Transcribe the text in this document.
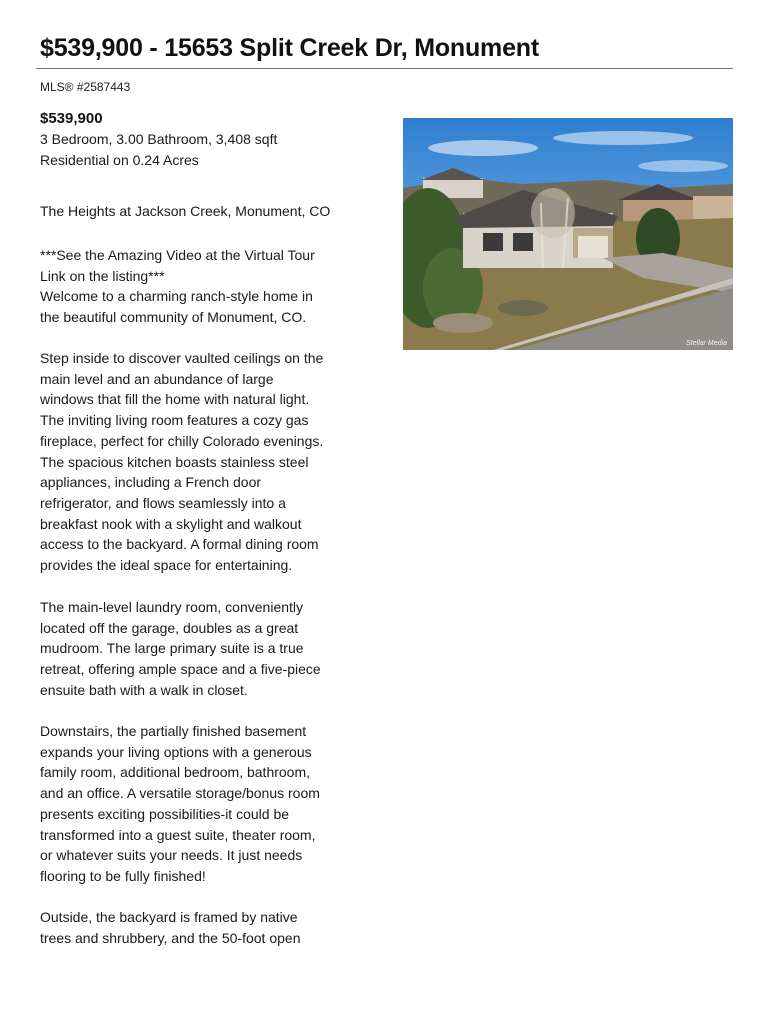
$539,900 - 15653 Split Creek Dr, Monument
MLS® #2587443
$539,900
3 Bedroom, 3.00 Bathroom, 3,408 sqft
Residential on 0.24 Acres
The Heights at Jackson Creek, Monument, CO

***See the Amazing Video at the Virtual Tour
Link on the listing***
Welcome to a charming ranch-style home in
the beautiful community of Monument, CO.

Step inside to discover vaulted ceilings on the
main level and an abundance of large
windows that fill the home with natural light.
The inviting living room features a cozy gas
fireplace, perfect for chilly Colorado evenings.
The spacious kitchen boasts stainless steel
appliances, including a French door
refrigerator, and flows seamlessly into a
breakfast nook with a skylight and walkout
access to the backyard. A formal dining room
provides the ideal space for entertaining.

The main-level laundry room, conveniently
located off the garage, doubles as a great
mudroom. The large primary suite is a true
retreat, offering ample space and a five-piece
ensuite bath with a walk in closet.

Downstairs, the partially finished basement
expands your living options with a generous
family room, additional bedroom, bathroom,
and an office. A versatile storage/bonus room
presents exciting possibilities-it could be
transformed into a guest suite, theater room,
or whatever suits your needs. It just needs
flooring to be fully finished!

Outside, the backyard is framed by native
trees and shrubbery, and the 50-foot open

Stellar Media
